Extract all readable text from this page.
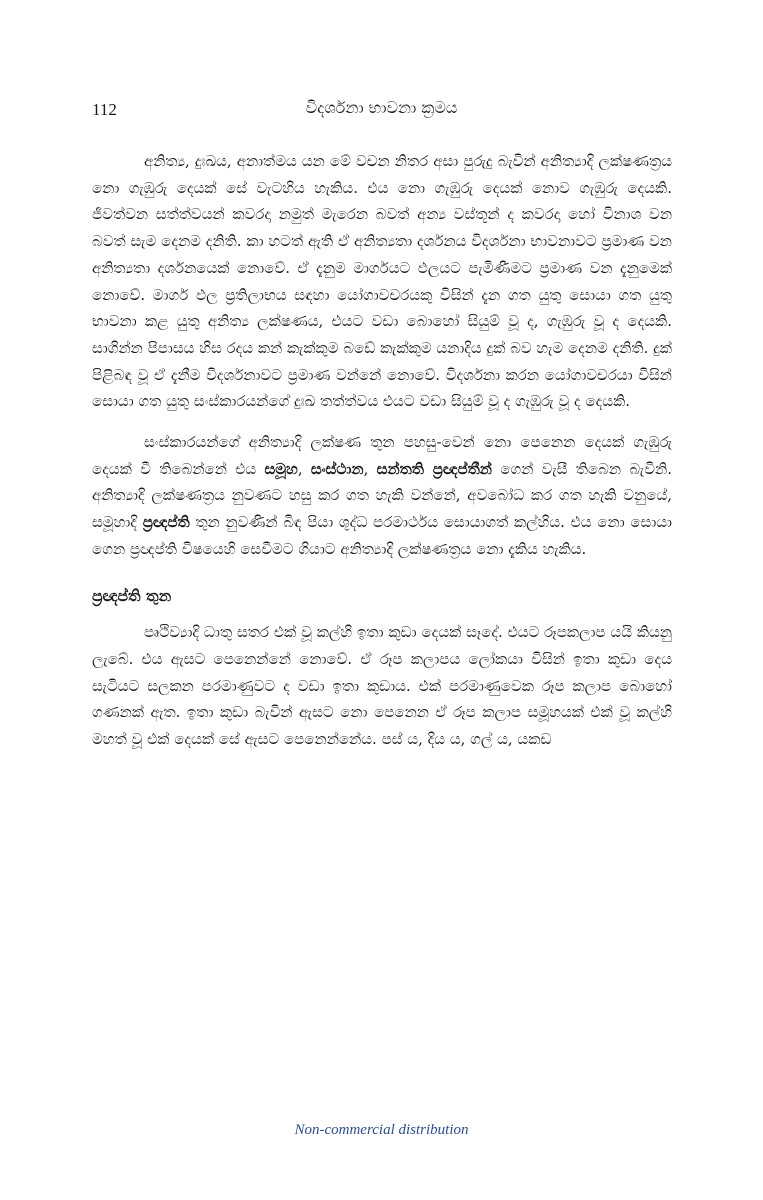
112	විදර්ශනා භාවනා ක්‍රමය

අනිත්‍ය, දුඃඛය, අනාත්මය යන මේ වචන නිතර අසා පුරුදු බැවින් අනිත්‍යාදි ලක්ෂණත්‍රය නො ගැඹුරු දෙයක් සේ වැටහිය හැකිය. එය නො ගැඹුරු දෙයක් නොව ගැඹුරු දෙයකි. ජීවත්වන සත්ත්වයන් කවරදා නමුත් මැරෙන බවත් අන්‍ය වස්තූන් ද කවරදා හෝ විනාශ වන බවත් සැම දෙනම දනිති. කා හටත් ඇති ඒ අනිත්‍යතා දර්ශනය විදර්ශනා භාවනාවට ප්‍රමාණ වන අනිත්‍යතා දර්ශනයෙක් නොවේ. ඒ දැනුම මාර්ගයට ඵලයට පැමිණීමට ප්‍රමාණ වන දැනුමෙක් නොවේ. මාර්ග ඵල ප්‍රතිලාභය සඳහා යෝගාවචරයකු විසින් දැන ගත යුතු සොයා ගත යුතු භාවනා කළ යුතු අනිත්‍ය ලක්ෂණය, එයට වඩා බොහෝ සියුම් වූ ද, ගැඹුරු වූ ද දෙයකි. සාගින්න පිපාසය හිස රදය කන් කැක්කුම බඩේ කැක්කුම යනාදිය දුක් බව හැම දෙනම දනිති. දුක් පිළිබඳ වූ ඒ දැනීම විදර්ශනාවට ප්‍රමාණ වන්නේ නොවේ. විදර්ශනා කරන යෝගාවචරයා විසින් සොයා ගත යුතු සංස්කාරයන්ගේ දුඃඛ තත්ත්වය එයට වඩා සියුම් වූ ද ගැඹුරු වූ ද දෙයකි.

සංස්කාරයන්ගේ අනිත්‍යාදි ලක්ෂණ තුන පහසු-වෙන් නො පෙනෙන දෙයක් ගැඹුරු දෙයක් වී තිබෙන්නේ එය සමූහ, සංස්ථාන, සන්තති ප්‍රඥප්තීන් ගෙන් වැසී තිබෙන බැවිනි. අනිත්‍යාදි ලක්ෂණත්‍රය නුවණට හසු කර ගත හැකි වන්නේ, අවබෝධ කර ගත හැකි වනුයේ, සමූහාදි ප්‍රඥප්ති තුන නුවණින් බිඳ පියා ශුද්ධ පරමාර්ථය සොයාගත් කල්හිය. එය නො සොයා ගෙන ප්‍රඥප්ති විෂයෙහි සෙවීමට ගියාට අනිත්‍යාදි ලක්ෂණත්‍රය නො දැකිය හැකිය.

ප්‍රඥප්ති තුන

පෘථිව්‍යාදි ධාතු සතර එක් වූ කල්හි ඉතා කුඩා දෙයක් සෑදේ. එයට රූපකලාප යයි කියනු ලැබේ. එය ඇසට පෙනෙන්නේ නොවේ. ඒ රූප කලාපය ලෝකයා විසින් ඉතා කුඩා දෙය සැටියට සලකන පරමාණුවට ද වඩා ඉතා කුඩාය. එක් පරමාණුවෙක රූප කලාප බොහෝ ගණනක් ඇත. ඉතා කුඩා බැවින් ඇසට නො පෙනෙන ඒ රූප කලාප සමූහයක් එක් වූ කල්හි මහත් වූ එක් දෙයක් සේ ඇසට පෙනෙන්නේය. පස් ය, දිය ය, ගල් ය, යකඩ

Non-commercial distribution
